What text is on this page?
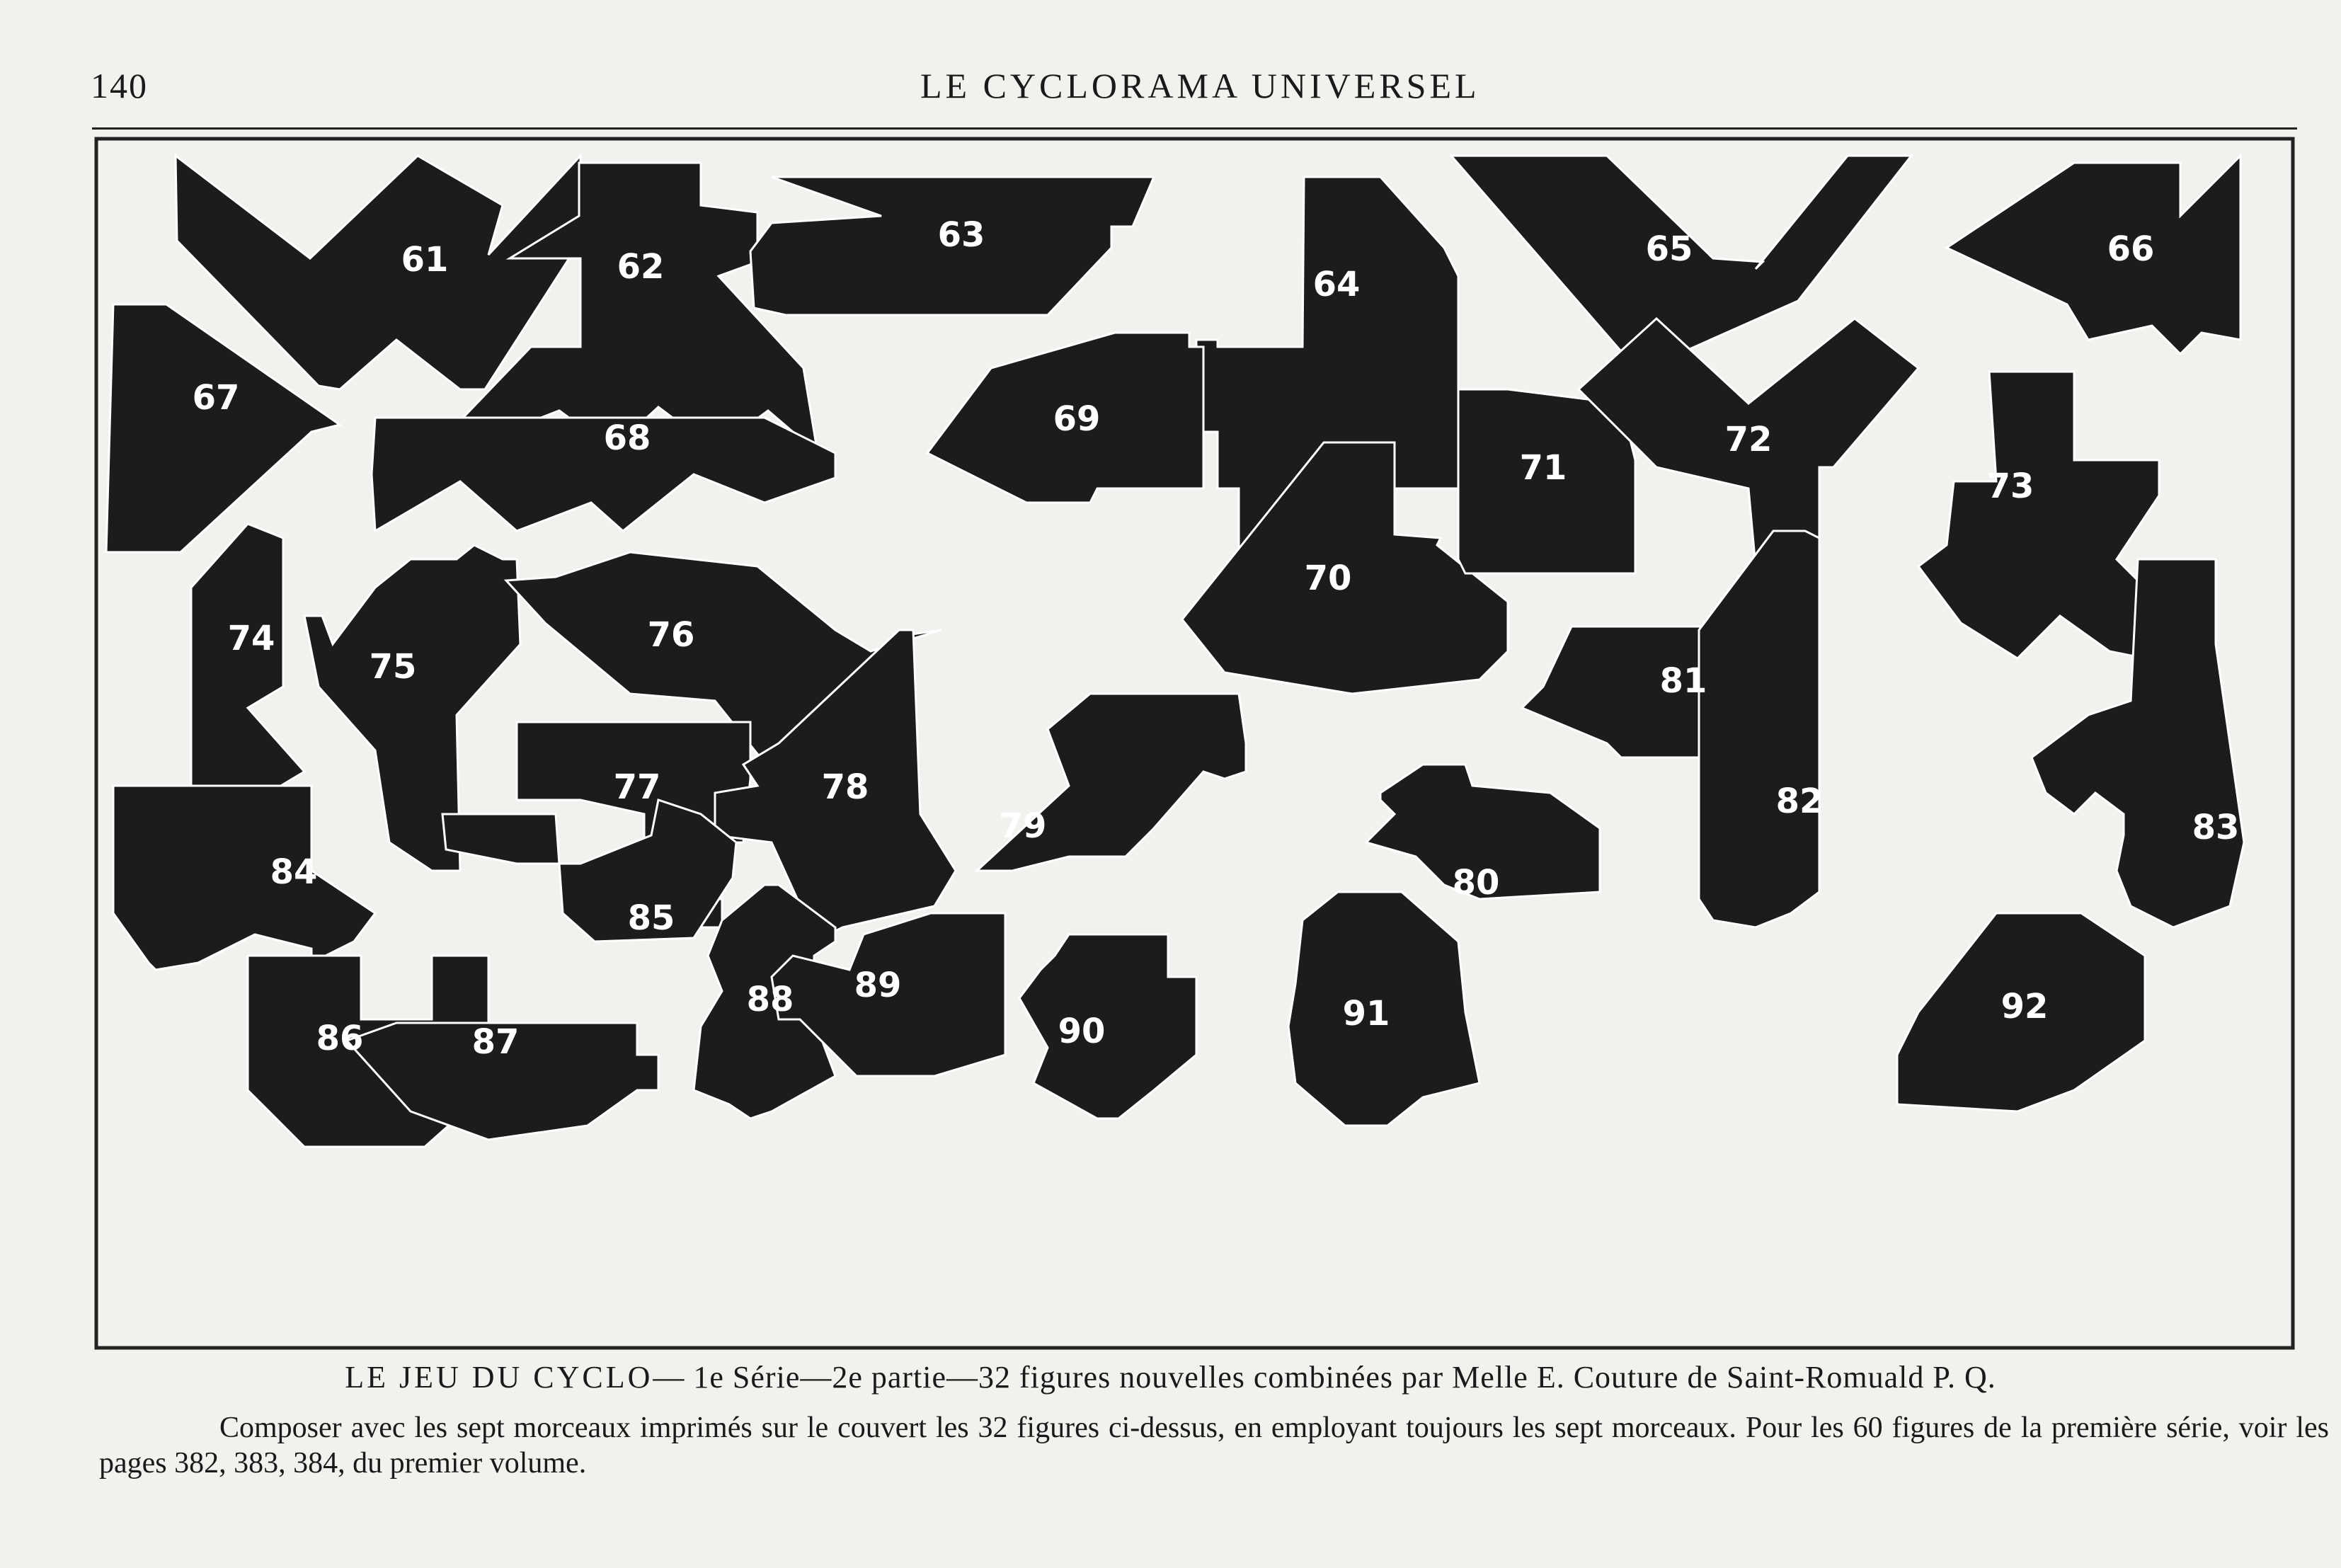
140	LE CYCLORAMA UNIVERSEL
61	62
63
64
65	66
67
68	69
70
71
72
73
74
75
76
77	78
79
80
81
82
83
84
85
86	87
88 89
90	91	92
LE JEU DU CYCLO— 1e Série—2e partie—32 figures nouvelles combinées par Melle E. Couture de Saint-Romuald P. Q.
Composer avec les sept morceaux imprimés sur le couvert les 32 figures ci-dessus, en employant toujours les sept morceaux. Pour les 60 figures de la première série, voir les pages 382, 383, 384, du premier volume.
